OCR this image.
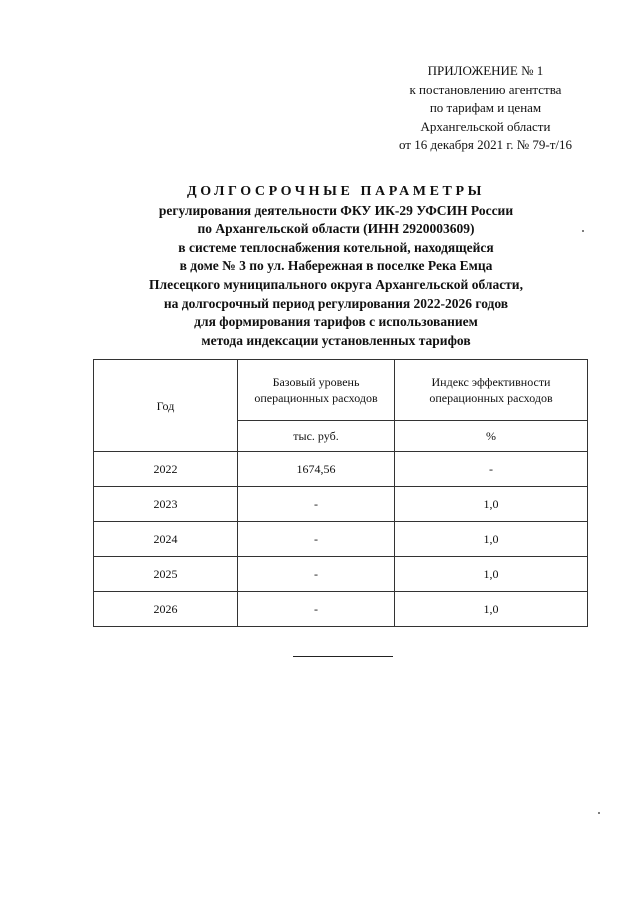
ПРИЛОЖЕНИЕ № 1
к постановлению агентства
по тарифам и ценам
Архангельской области
от 16 декабря 2021 г. № 79-т/16
ДОЛГОСРОЧНЫЕ ПАРАМЕТРЫ
регулирования деятельности ФКУ ИК-29 УФСИН России
по Архангельской области (ИНН 2920003609)
в системе теплоснабжения котельной, находящейся
в доме № 3 по ул. Набережная в поселке Река Емца
Плесецкого муниципального округа Архангельской области,
на долгосрочный период регулирования 2022-2026 годов
для формирования тарифов с использованием
метода индексации установленных тарифов
Год	Базовый уровень операционных расходов	Индекс эффективности операционных расходов
	тыс. руб.	%
2022	1674,56	-
2023	-	1,0
2024	-	1,0
2025	-	1,0
2026	-	1,0
